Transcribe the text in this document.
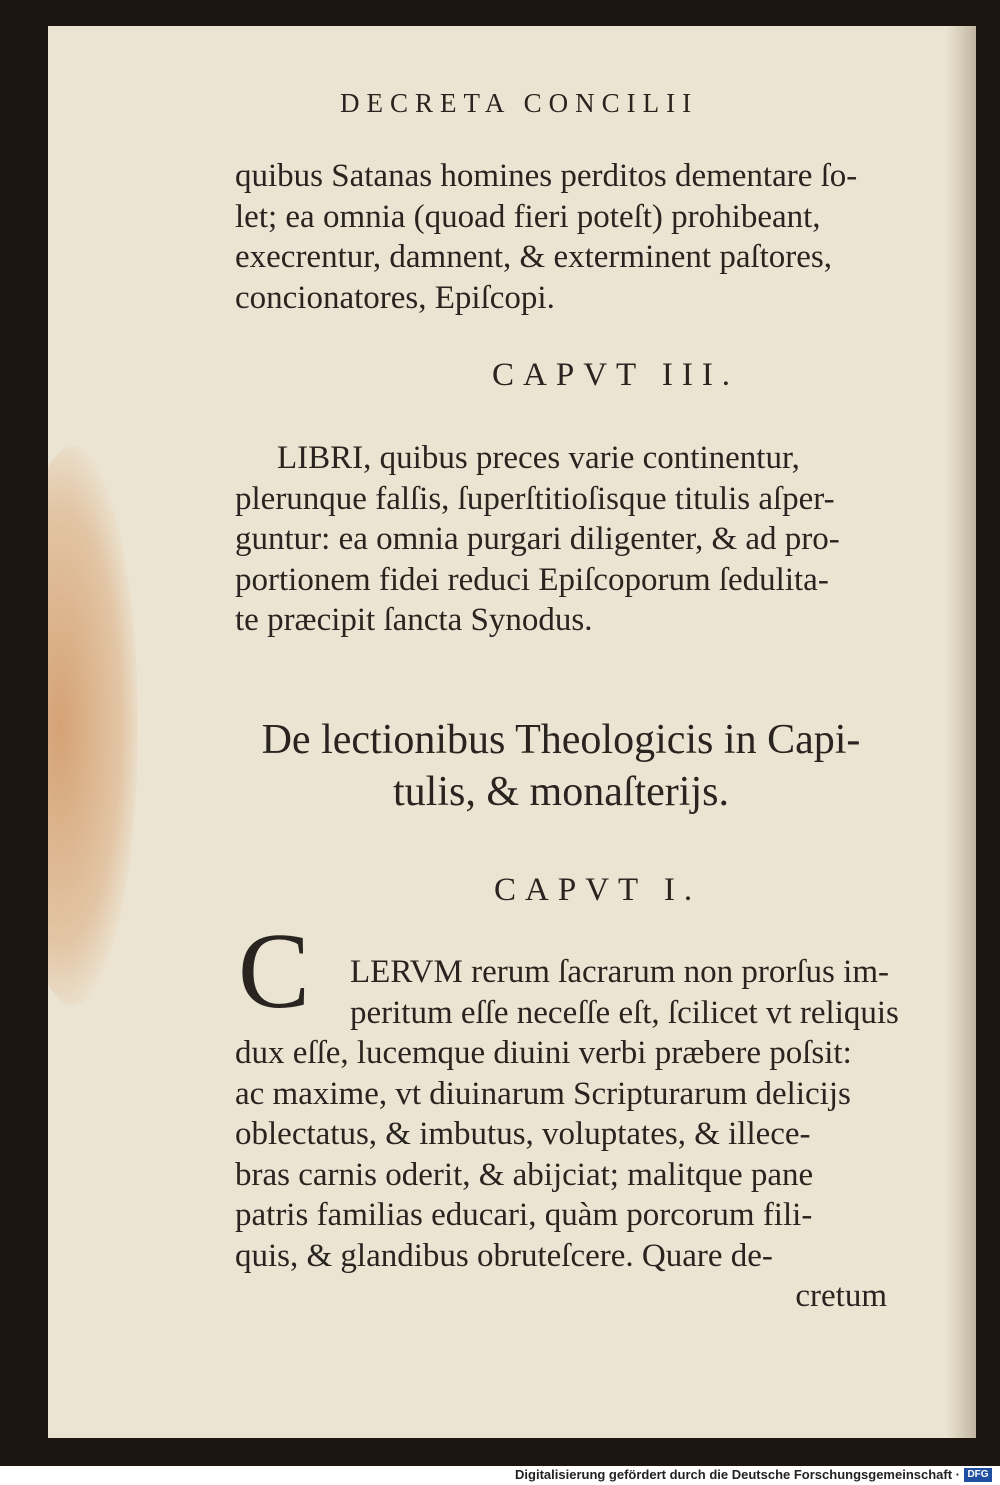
DECRETA CONCILII

quibus Satanas homines perditos dementare ſo-
let; ea omnia (quoad fieri poteſt) prohibeant,
execrentur, damnent, & exterminent paſtores,
concionatores, Epiſcopi.

CAPVT III.

LIBRI, quibus preces varie continentur,
plerunque falſis, ſuperſtitioſisque titulis aſper-
guntur: ea omnia purgari diligenter, & ad pro-
portionem fidei reduci Epiſcoporum ſedulita-
te præcipit ſancta Synodus.

De lectionibus Theologicis in Capi-
tulis, & monaſterijs.
CAPVT I.
C LERVM rerum ſacrarum non prorſus im-
peritum eſſe neceſſe eſt, ſcilicet vt reliquis

dux eſſe, lucemque diuini verbi præbere poſsit:
ac maxime, vt diuinarum Scripturarum delicijs
oblectatus, & imbutus, voluptates, & illece-
bras carnis oderit, & abijciat; malitque pane
patris familias educari, quàm porcorum fili-
quis, & glandibus obruteſcere. Quare de-

cretum

Digitalisierung gefördert durch die Deutsche Forschungsgemeinschaft · DFG
